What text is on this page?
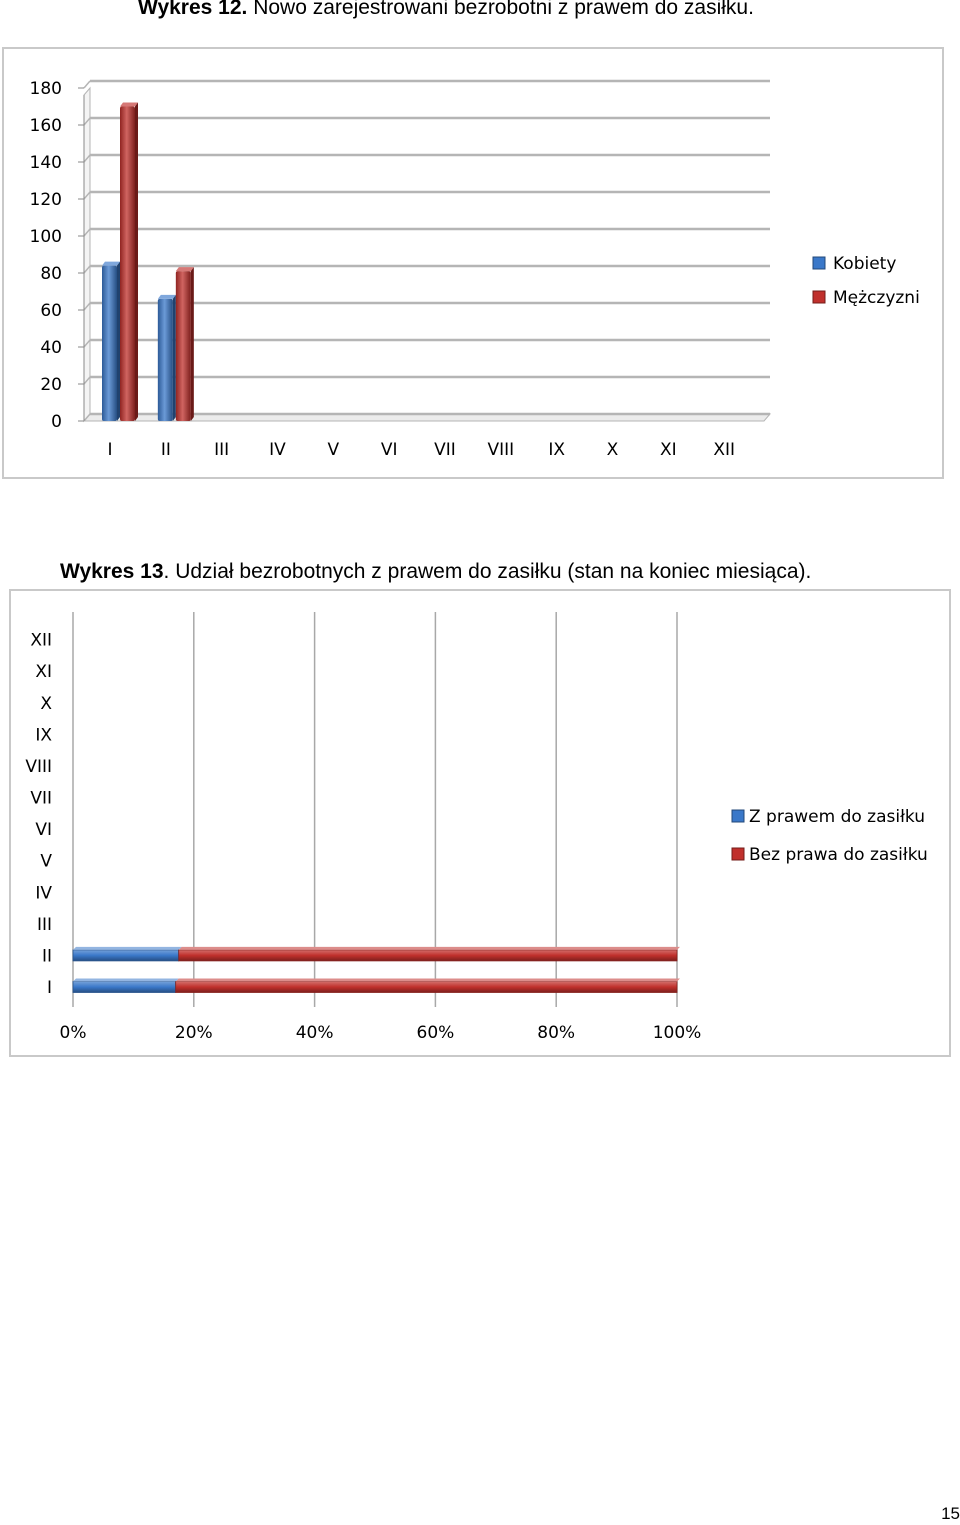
Wykres 12. Nowo zarejestrowani bezrobotni z prawem do zasiłku.
0
20
40
60
80
100
120
140
160
180
I	II	III IV V VI VII VIII IX X XI XII
Kobiety
Mężczyzni
Wykres 13. Udział bezrobotnych z prawem do zasiłku (stan na koniec miesiąca).
0%	20%	40%	60%	80%	100%
I
II
III
IV
V
VI
VII
VIII
IX
X
XI
XII
Z prawem do zasiłku
Bez prawa do zasiłku
15
